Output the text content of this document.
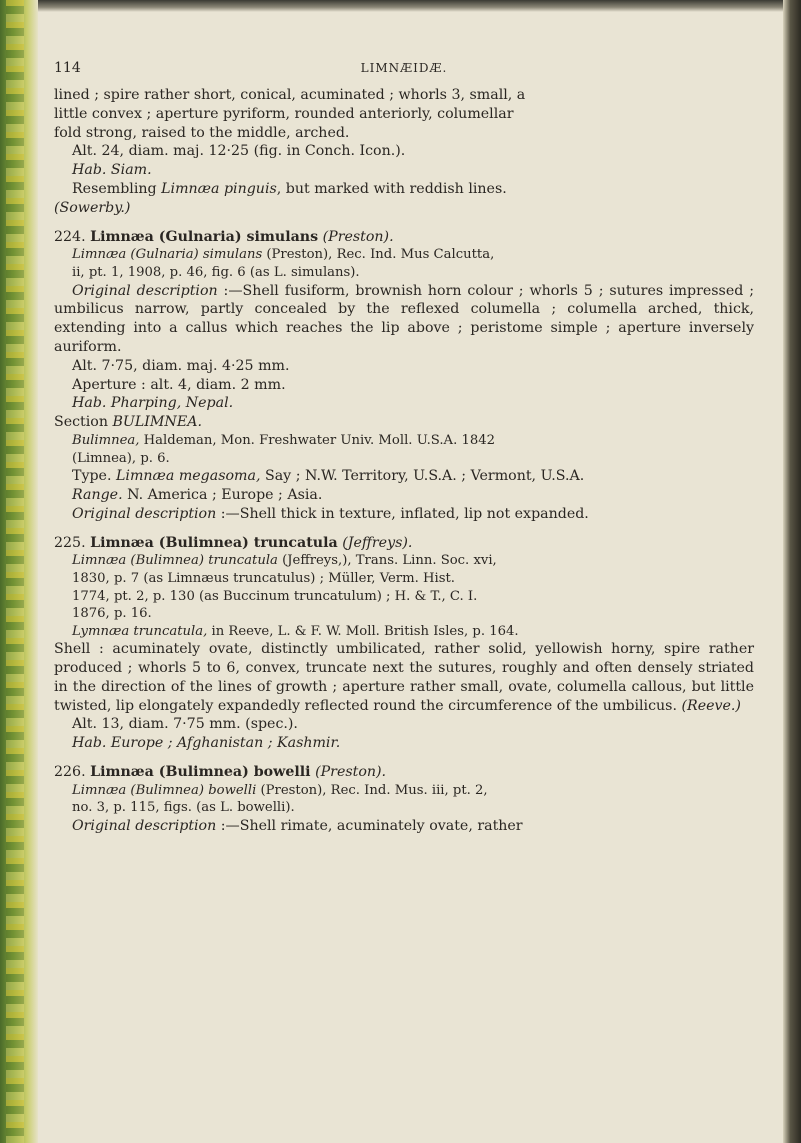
114	LIMNÆIDÆ.

lined ; spire rather short, conical, acuminated ; whorls 3, small, a

little convex ; aperture pyriform, rounded anteriorly, columellar

fold strong, raised to the middle, arched.

Alt. 24, diam. maj. 12·25 (fig. in Conch. Icon.).

Hab. Siam.

Resembling Limnæa pinguis, but marked with reddish lines.

(Sowerby.)

224. Limnæa (Gulnaria) simulans (Preston).

Limnæa (Gulnaria) simulans (Preston), Rec. Ind. Mus Calcutta,
ii, pt. 1, 1908, p. 46, fig. 6 (as L. simulans).

Original description :—Shell fusiform, brownish horn colour ; whorls 5 ; sutures impressed ; umbilicus narrow, partly concealed by the reflexed columella ; columella arched, thick, extending into a callus which reaches the lip above ; peristome simple ; aperture inversely auriform.

Alt. 7·75, diam. maj. 4·25 mm.

Aperture : alt. 4, diam. 2 mm.

Hab. Pharping, Nepal.

Section BULIMNEA.

Bulimnea, Haldeman, Mon. Freshwater Univ. Moll. U.S.A. 1842
(Limnea), p. 6.

Type. Limnæa megasoma, Say ; N.W. Territory, U.S.A. ; Vermont, U.S.A.

Range. N. America ; Europe ; Asia.

Original description :—Shell thick in texture, inflated, lip not expanded.

225. Limnæa (Bulimnea) truncatula (Jeffreys).

Limnæa (Bulimnea) truncatula (Jeffreys,), Trans. Linn. Soc. xvi,
1830, p. 7 (as Limnæus truncatulus) ; Müller, Verm. Hist.
1774, pt. 2, p. 130 (as Buccinum truncatulum) ; H. & T., C. I.
1876, p. 16.

Lymnæa truncatula, in Reeve, L. & F. W. Moll. British Isles, p. 164.

Shell : acuminately ovate, distinctly umbilicated, rather solid, yellowish horny, spire rather produced ; whorls 5 to 6, convex, truncate next the sutures, roughly and often densely striated in the direction of the lines of growth ; aperture rather small, ovate, columella callous, but little twisted, lip elongately expandedly reflected round the circumference of the umbilicus. (Reeve.)

Alt. 13, diam. 7·75 mm. (spec.).

Hab. Europe ; Afghanistan ; Kashmir.

226. Limnæa (Bulimnea) bowelli (Preston).

Limnæa (Bulimnea) bowelli (Preston), Rec. Ind. Mus. iii, pt. 2,
no. 3, p. 115, figs. (as L. bowelli).

Original description :—Shell rimate, acuminately ovate, rather
